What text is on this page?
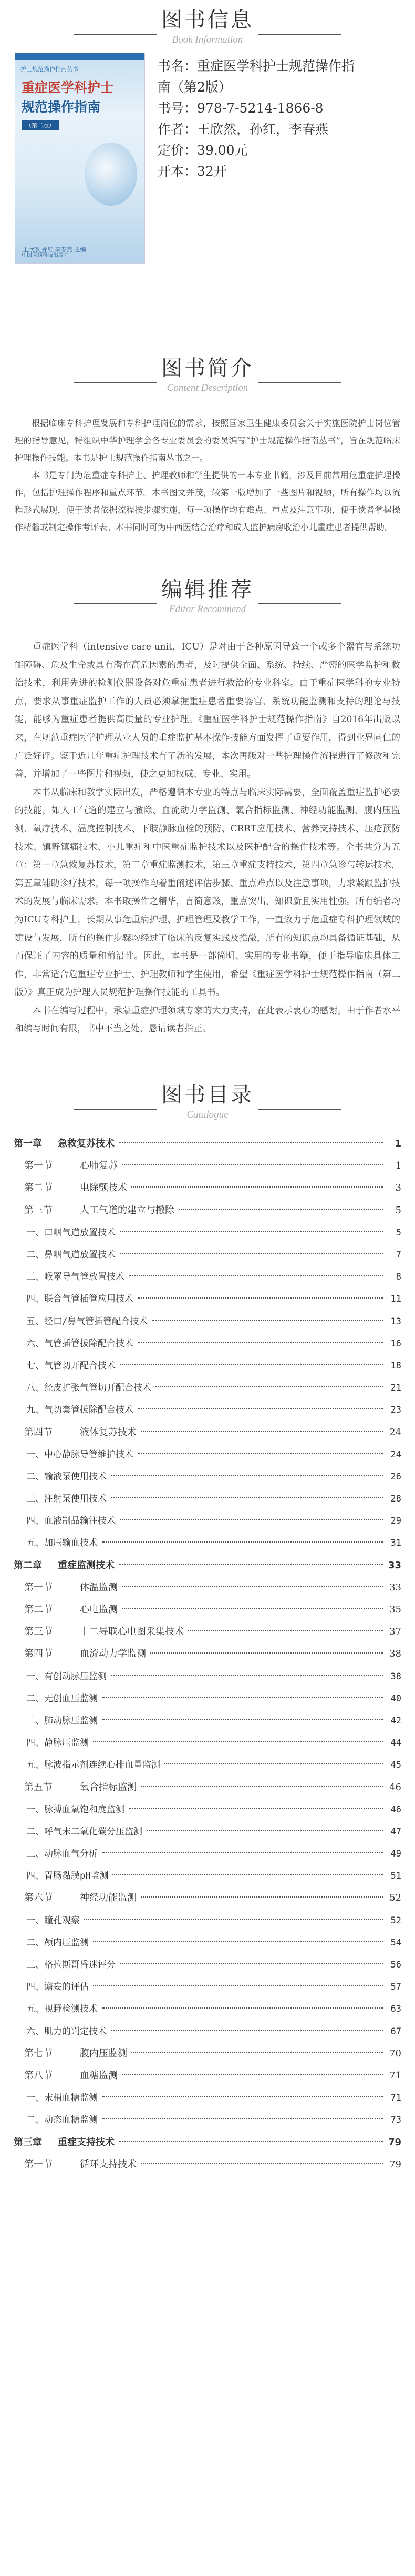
图书信息
Book Information
护士规范操作指南丛书
重症医学科护士
规范操作指南
（第二版）
王欣然 孙红 李春燕 主编
中国医药科技出版社
书名：重症医学科护士规范操作指
南（第2版）
书号：978-7-5214-1866-8
作者：王欣然，孙红，李春燕
定价：39.00元
开本：32开
图书简介
Content Description

根据临床专科护理发展和专科护理岗位的需求，按照国家卫生健康委员会关于实施医院护士岗位管理的指导意见，特组织中华护理学会各专业委员会的委员编写“护士规范操作指南丛书”，旨在规范临床护理操作技能。本书是护士规范操作指南丛书之一。

本书是专门为危重症专科护士、护理教师和学生提供的一本专业书籍，涉及目前常用危重症护理操作，包括护理操作程序和重点环节。本书图文并茂，较第一版增加了一些图片和视频，所有操作均以流程形式展现，便于读者依据流程按步骤实施，每一项操作均有难点、重点及注意事项，便于读者掌握操作精髓或制定操作考评表。本书同时可为中西医结合治疗和成人监护病房收治小儿重症患者提供帮助。

编辑推荐
Editor Recommend

重症医学科（intensive care unit，ICU）是对由于各种原因导致一个或多个器官与系统功能障碍、危及生命或具有潜在高危因素的患者，及时提供全面、系统、持续、严密的医学监护和救治技术，利用先进的检测仪器设备对危重症患者进行救治的专业科室。由于重症医学科的专业特点，要求从事重症监护工作的人员必须掌握重症患者重要器官、系统功能监测和支持的理论与技能，能够为重症患者提供高质量的专业护理。《重症医学科护士规范操作指南》自2016年出版以来，在规范重症医学护理从业人员的重症监护基本操作技能方面发挥了重要作用，得到业界同仁的广泛好评。鉴于近几年重症护理技术有了新的发展，本次再版对一些护理操作流程进行了修改和完善，并增加了一些图片和视频，使之更加权威、专业、实用。

本书从临床和教学实际出发，严格遵循本专业的特点与临床实际需要，全面覆盖重症监护必要的技能，如人工气道的建立与撤除、血流动力学监测、氧合指标监测、神经功能监测、腹内压监测、氧疗技术、温度控制技术、下肢静脉血栓的预防、CRRT应用技术、营养支持技术、压疮预防技术、镇静镇痛技术、小儿重症和中医重症监护技术以及医护配合的操作技术等。全书共分为五章：第一章急救复苏技术，第二章重症监测技术，第三章重症支持技术，第四章急诊与转运技术，第五章辅助诊疗技术，每一项操作均着重阐述评估步骤、重点难点以及注意事项，力求紧跟监护技术的发展与临床需求。本书取操作之精华，言简意赅，重点突出，知识新且实用性强。所有编者均为ICU专科护士，长期从事危重病护理、护理管理及教学工作，一直致力于危重症专科护理领域的建设与发展，所有的操作步骤均经过了临床的反复实践及推敲，所有的知识点均具备循证基础，从而保证了内容的质量和前沿性。因此，本书是一部简明、实用的专业书籍，便于指导临床具体工作，非常适合危重症专业护士、护理教师和学生使用，希望《重症医学科护士规范操作指南（第二版）》真正成为护理人员规范护理操作技能的工具书。

本书在编写过程中，承蒙重症护理领域专家的大力支持，在此表示衷心的感谢。由于作者水平和编写时间有限，书中不当之处，恳请读者指正。

图书目录
Catalogue
第一章	急救复苏技术	1
第一节	心肺复苏	1
第二节	电除颤技术	3
第三节	人工气道的建立与撤除	5
一、口咽气道放置技术	5
二、鼻咽气道放置技术	7
三、喉罩导气管放置技术	8
四、联合气管插管应用技术	11
五、经口/鼻气管插管配合技术	13
六、气管插管拔除配合技术	16
七、气管切开配合技术	18
八、经皮扩张气管切开配合技术	21
九、气切套管拔除配合技术	23
第四节	液体复苏技术	24
一、中心静脉导管维护技术	24
二、输液泵使用技术	26
三、注射泵使用技术	28
四、血液制品输注技术	29
五、加压输血技术	31
第二章	重症监测技术	33
第一节	体温监测	33
第二节	心电监测	35
第三节	十二导联心电图采集技术	37
第四节	血流动力学监测	38
一、有创动脉压监测	38
二、无创血压监测	40
三、肺动脉压监测	42
四、静脉压监测	44
五、脉波指示剂连续心排血量监测	45
第五节	氧合指标监测	46
一、脉搏血氧饱和度监测	46
二、呼气末二氧化碳分压监测	47
三、动脉血气分析	49
四、胃肠黏膜pH监测	51
第六节	神经功能监测	52
一、瞳孔观察	52
二、颅内压监测	54
三、格拉斯哥昏迷评分	56
四、谵妄的评估	57
五、视野检测技术	63
六、肌力的判定技术	67
第七节	腹内压监测	70
第八节	血糖监测	71
一、末梢血糖监测	71
二、动态血糖监测	73
第三章	重症支持技术	79
第一节	循环支持技术	79
